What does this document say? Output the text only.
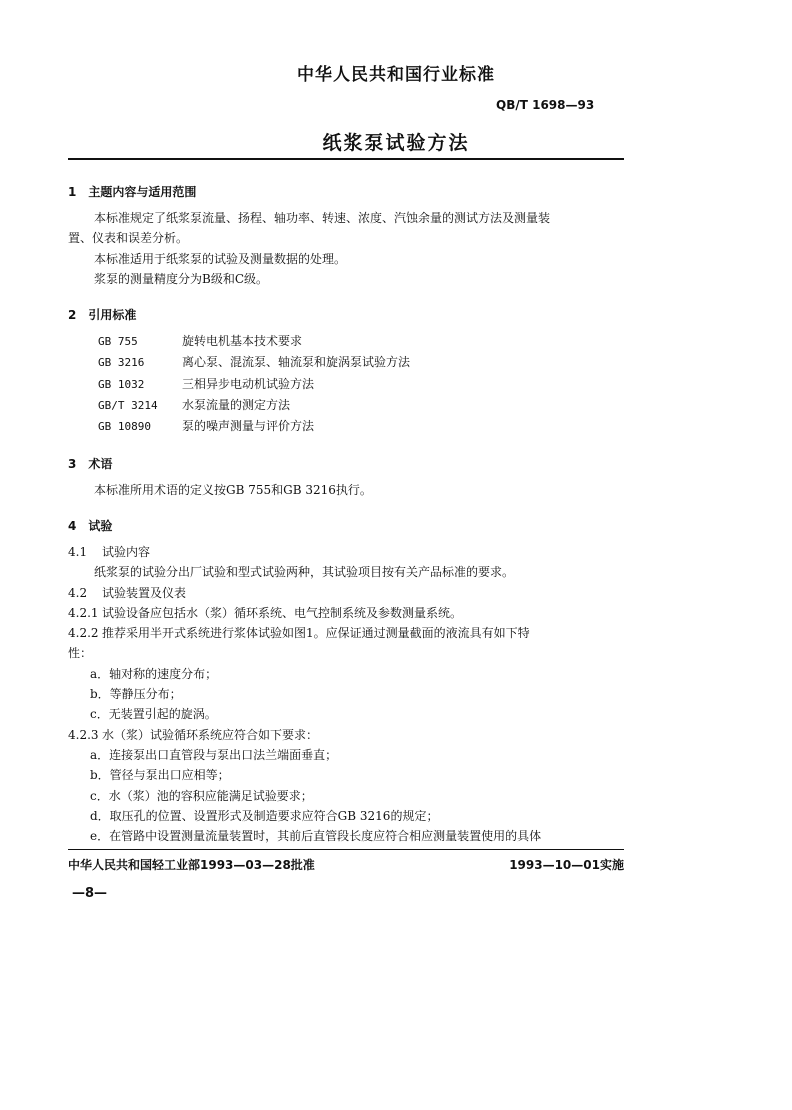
中华人民共和国行业标准
QB/T 1698—93
纸浆泵试验方法
1　主题内容与适用范围
本标准规定了纸浆泵流量、扬程、轴功率、转速、浓度、汽蚀余量的测试方法及测量装
置、仪表和误差分析。
本标准适用于纸浆泵的试验及测量数据的处理。
浆泵的测量精度分为B级和C级。
2　引用标准
GB 755	旋转电机基本技术要求
GB 3216	离心泵、混流泵、轴流泵和旋涡泵试验方法
GB 1032	三相异步电动机试验方法
GB/T 3214 水泵流量的测定方法
GB 10890	泵的噪声测量与评价方法
3　术语
本标准所用术语的定义按GB 755和GB 3216执行。
4　试验
4.1 试验内容
纸浆泵的试验分出厂试验和型式试验两种，其试验项目按有关产品标准的要求。
4.2 试验装置及仪表
4.2.1 试验设备应包括水（浆）循环系统、电气控制系统及参数测量系统。
4.2.2 推荐采用半开式系统进行浆体试验如图1。应保证通过测量截面的液流具有如下特
性：
a．轴对称的速度分布；
b．等静压分布；
c．无装置引起的旋涡。
4.2.3 水（浆）试验循环系统应符合如下要求：
a．连接泵出口直管段与泵出口法兰端面垂直；
b．管径与泵出口应相等；
c．水（浆）池的容积应能满足试验要求；
d．取压孔的位置、设置形式及制造要求应符合GB 3216的规定；
e．在管路中设置测量流量装置时，其前后直管段长度应符合相应测量装置使用的具体
中华人民共和国轻工业部1993—03—28批准	1993—10—01实施
—8—
